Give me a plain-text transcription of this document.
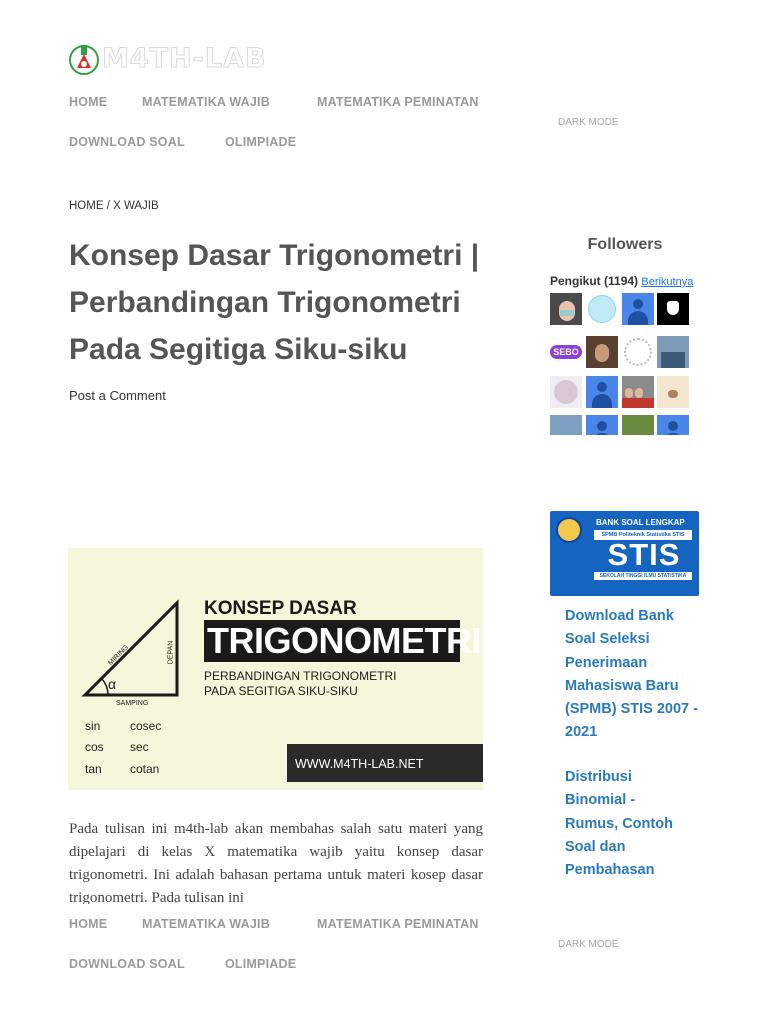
M4TH-LAB
HOME	MATEMATIKA WAJIB	MATEMATIKA PEMINATAN
DOWNLOAD SOAL	OLIMPIADE
DARK MODE
HOME / X WAJIB
Konsep Dasar Trigonometri | Perbandingan Trigonometri Pada Segitiga Siku-siku
Post a Comment
KONSEP DASAR
TRIGONOMETRI
PERBANDINGAN TRIGONOMETRI
PADA SEGITIGA SIKU-SIKU
MIRING	DEPAN
SAMPING
α
sin cosec
cos sec
tan cotan	WWW.M4TH-LAB.NET

Pada tulisan ini m4th-lab akan membahas salah satu materi yang dipelajari di kelas X matematika wajib yaitu konsep dasar trigonometri. Ini adalah bahasan pertama untuk materi kosep dasar trigonometri. Pada tulisan ini

HOME	MATEMATIKA WAJIB	MATEMATIKA PEMINATAN
DOWNLOAD SOAL	OLIMPIADE
DARK MODE
Followers
Pengikut (1194) Berikutnya
SEBO
BANK SOAL LENGKAP
SPMB Politeknik Statistika STIS
STIS
SEKOLAH TINGGI ILMU STATISTIKA
Download Bank Soal Seleksi Penerimaan Mahasiswa Baru (SPMB) STIS 2007 - 2021
Distribusi Binomial - Rumus, Contoh Soal dan Pembahasan
